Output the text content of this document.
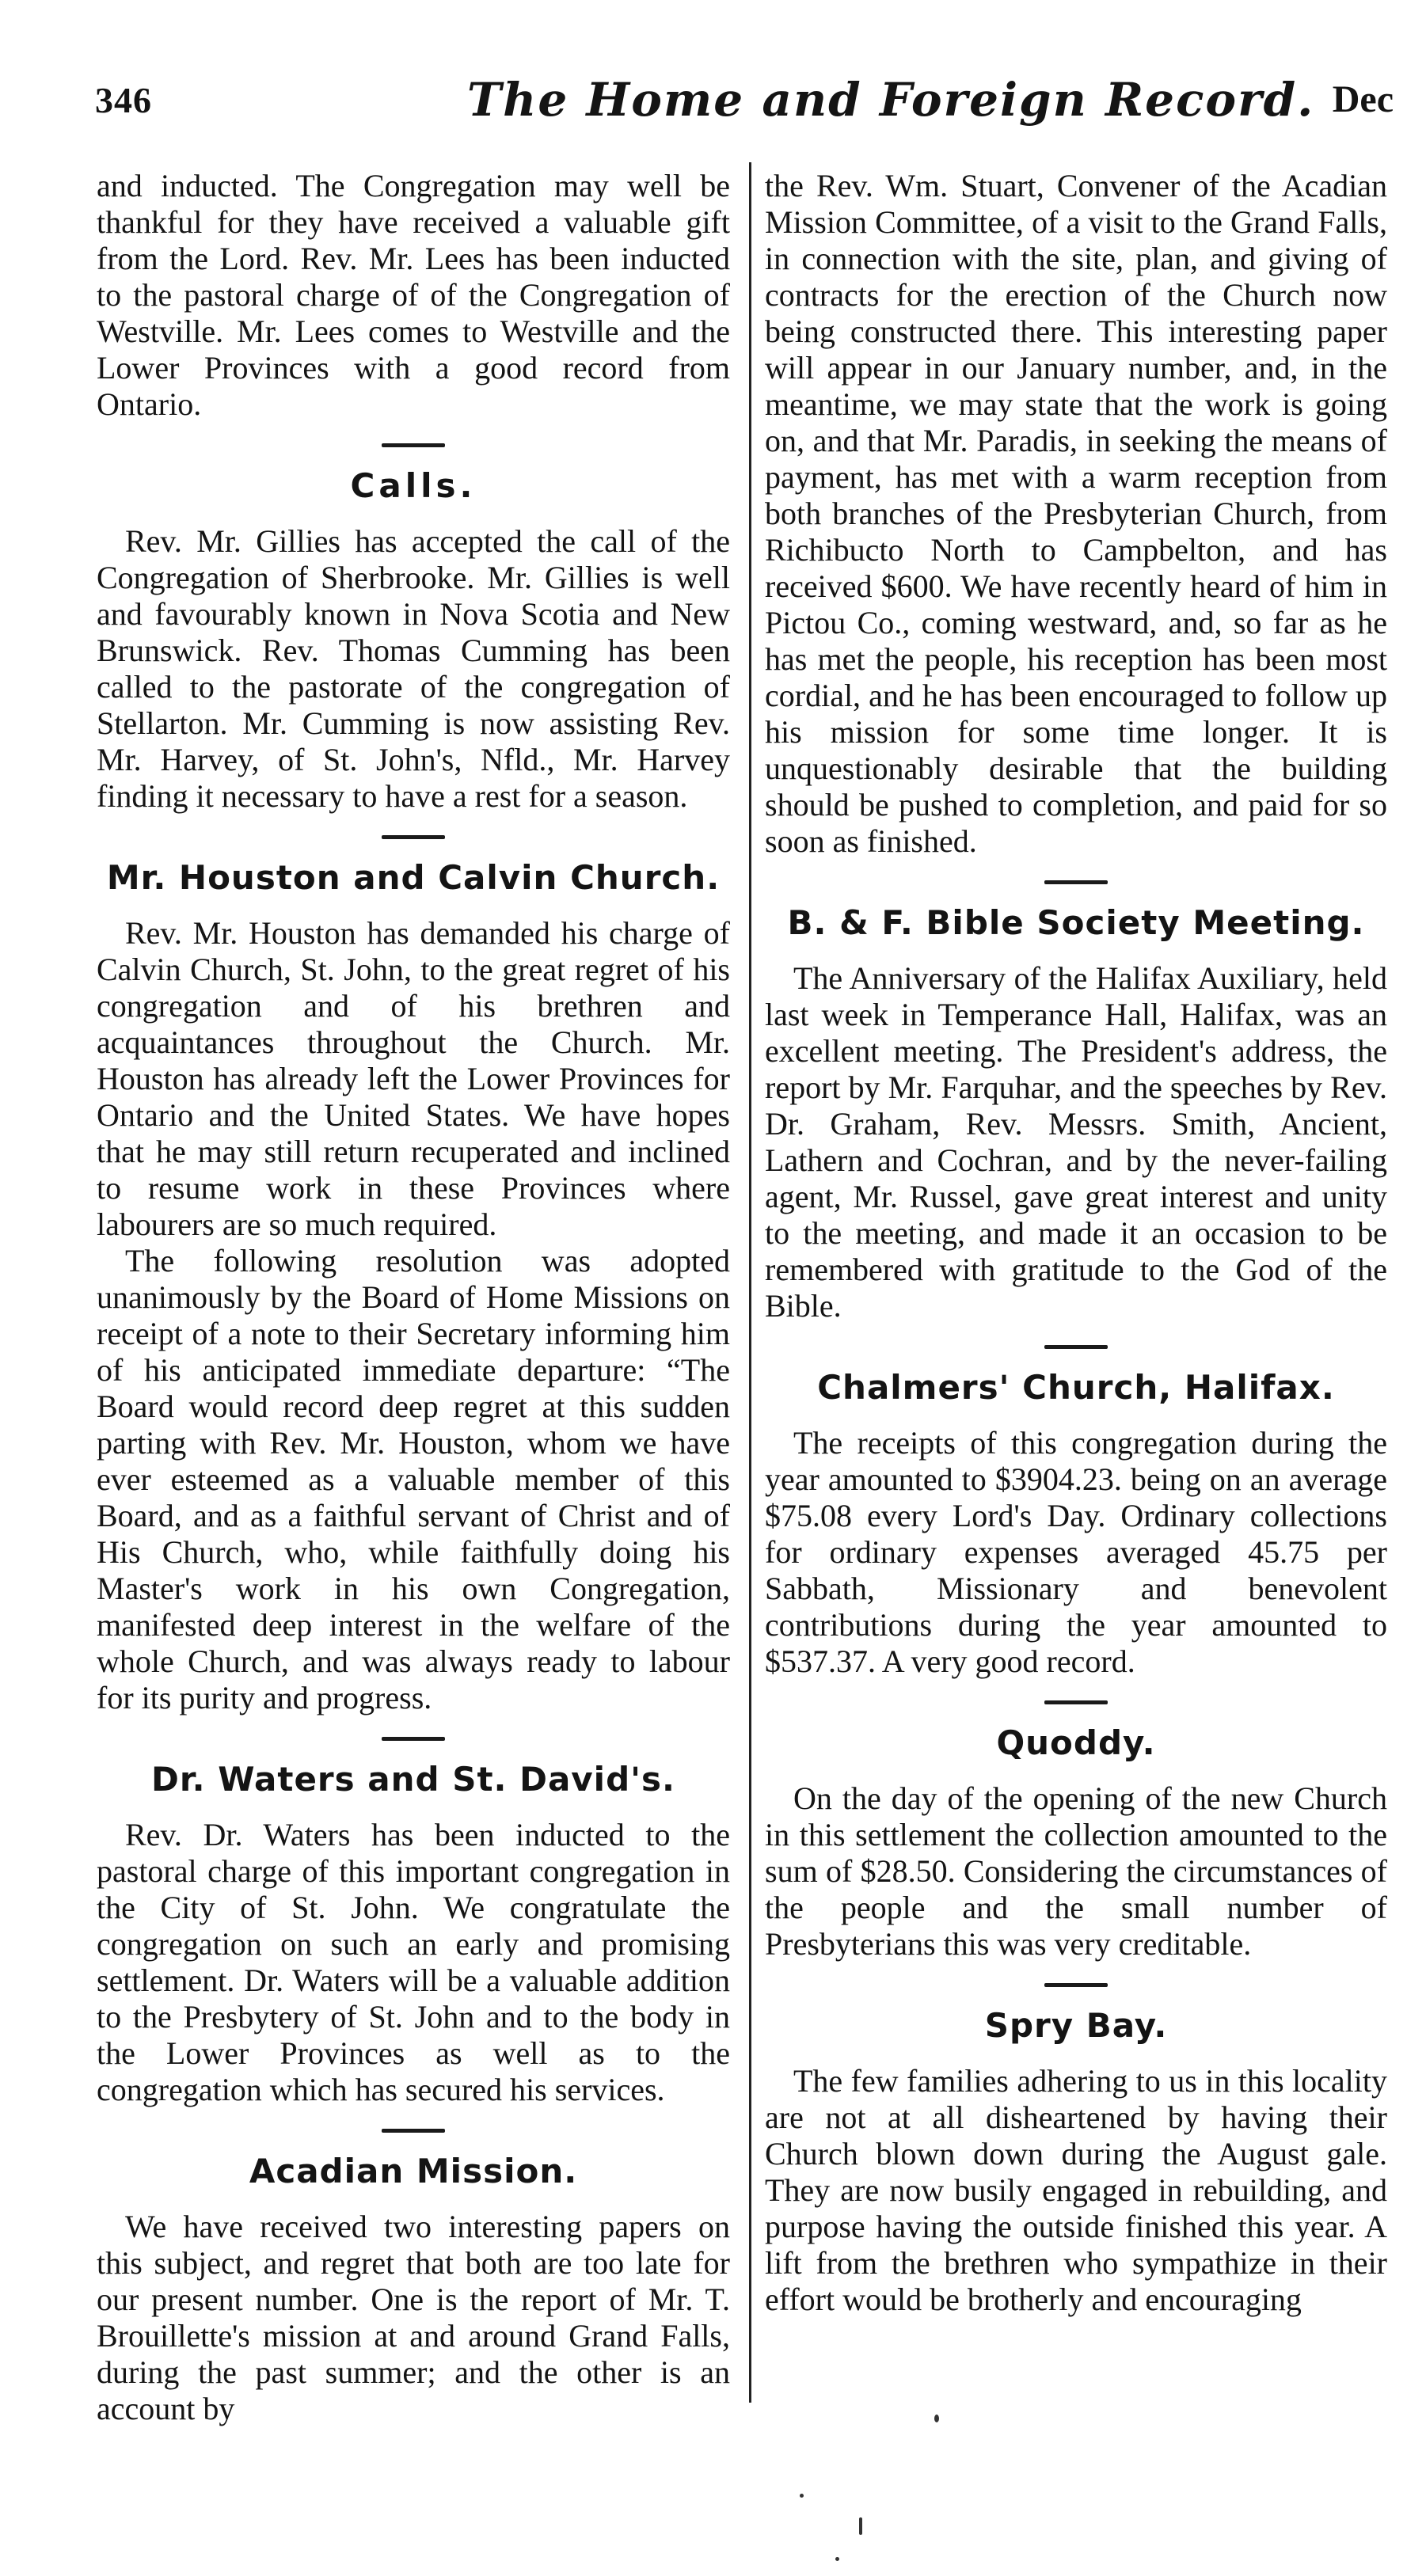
346	The Home and Foreign Record. Dec

and inducted. The Congregation may well be thankful for they have received a valuable gift from the Lord. Rev. Mr. Lees has been inducted to the pastoral charge of of the Congregation of Westville. Mr. Lees comes to Westville and the Lower Provinces with a good record from Ontario.

Calls.

Rev. Mr. Gillies has accepted the call of the Congregation of Sherbrooke. Mr. Gillies is well and favourably known in Nova Scotia and New Brunswick. Rev. Thomas Cumming has been called to the pastorate of the congregation of Stellarton. Mr. Cumming is now assisting Rev. Mr. Harvey, of St. John's, Nfld., Mr. Harvey finding it necessary to have a rest for a season.

Mr. Houston and Calvin Church.

Rev. Mr. Houston has demanded his charge of Calvin Church, St. John, to the great regret of his congregation and of his brethren and acquaintances throughout the Church. Mr. Houston has already left the Lower Provinces for Ontario and the United States. We have hopes that he may still return recuperated and inclined to resume work in these Provinces where labourers are so much required.

The following resolution was adopted unanimously by the Board of Home Missions on receipt of a note to their Secretary informing him of his anticipated immediate departure: “The Board would record deep regret at this sudden parting with Rev. Mr. Houston, whom we have ever esteemed as a valuable member of this Board, and as a faithful servant of Christ and of His Church, who, while faithfully doing his Master's work in his own Congregation, manifested deep interest in the welfare of the whole Church, and was always ready to labour for its purity and progress.

Dr. Waters and St. David's.

Rev. Dr. Waters has been inducted to the pastoral charge of this important congregation in the City of St. John. We congratulate the congregation on such an early and promising settlement. Dr. Waters will be a valuable addition to the Presbytery of St. John and to the body in the Lower Provinces as well as to the congregation which has secured his services.

Acadian Mission.

We have received two interesting papers on this subject, and regret that both are too late for our present number. One is the report of Mr. T. Brouillette's mission at and around Grand Falls, during the past summer; and the other is an account by

the Rev. Wm. Stuart, Convener of the Acadian Mission Committee, of a visit to the Grand Falls, in connection with the site, plan, and giving of contracts for the erection of the Church now being constructed there. This interesting paper will appear in our January number, and, in the meantime, we may state that the work is going on, and that Mr. Paradis, in seeking the means of payment, has met with a warm reception from both branches of the Presbyterian Church, from Richibucto North to Campbelton, and has received $600. We have recently heard of him in Pictou Co., coming westward, and, so far as he has met the people, his reception has been most cordial, and he has been encouraged to follow up his mission for some time longer. It is unquestionably desirable that the building should be pushed to completion, and paid for so soon as finished.

B. & F. Bible Society Meeting.

The Anniversary of the Halifax Auxiliary, held last week in Temperance Hall, Halifax, was an excellent meeting. The President's address, the report by Mr. Farquhar, and the speeches by Rev. Dr. Graham, Rev. Messrs. Smith, Ancient, Lathern and Cochran, and by the never-failing agent, Mr. Russel, gave great interest and unity to the meeting, and made it an occasion to be remembered with gratitude to the God of the Bible.

Chalmers' Church, Halifax.

The receipts of this congregation during the year amounted to $3904.23. being on an average $75.08 every Lord's Day. Ordinary collections for ordinary expenses averaged 45.75 per Sabbath, Missionary and benevolent contributions during the year amounted to $537.37. A very good record.

Quoddy.

On the day of the opening of the new Church in this settlement the collection amounted to the sum of $28.50. Considering the circumstances of the people and the small number of Presbyterians this was very creditable.

Spry Bay.

The few families adhering to us in this locality are not at all disheartened by having their Church blown down during the August gale. They are now busily engaged in rebuilding, and purpose having the outside finished this year. A lift from the brethren who sympathize in their effort would be brotherly and encouraging
